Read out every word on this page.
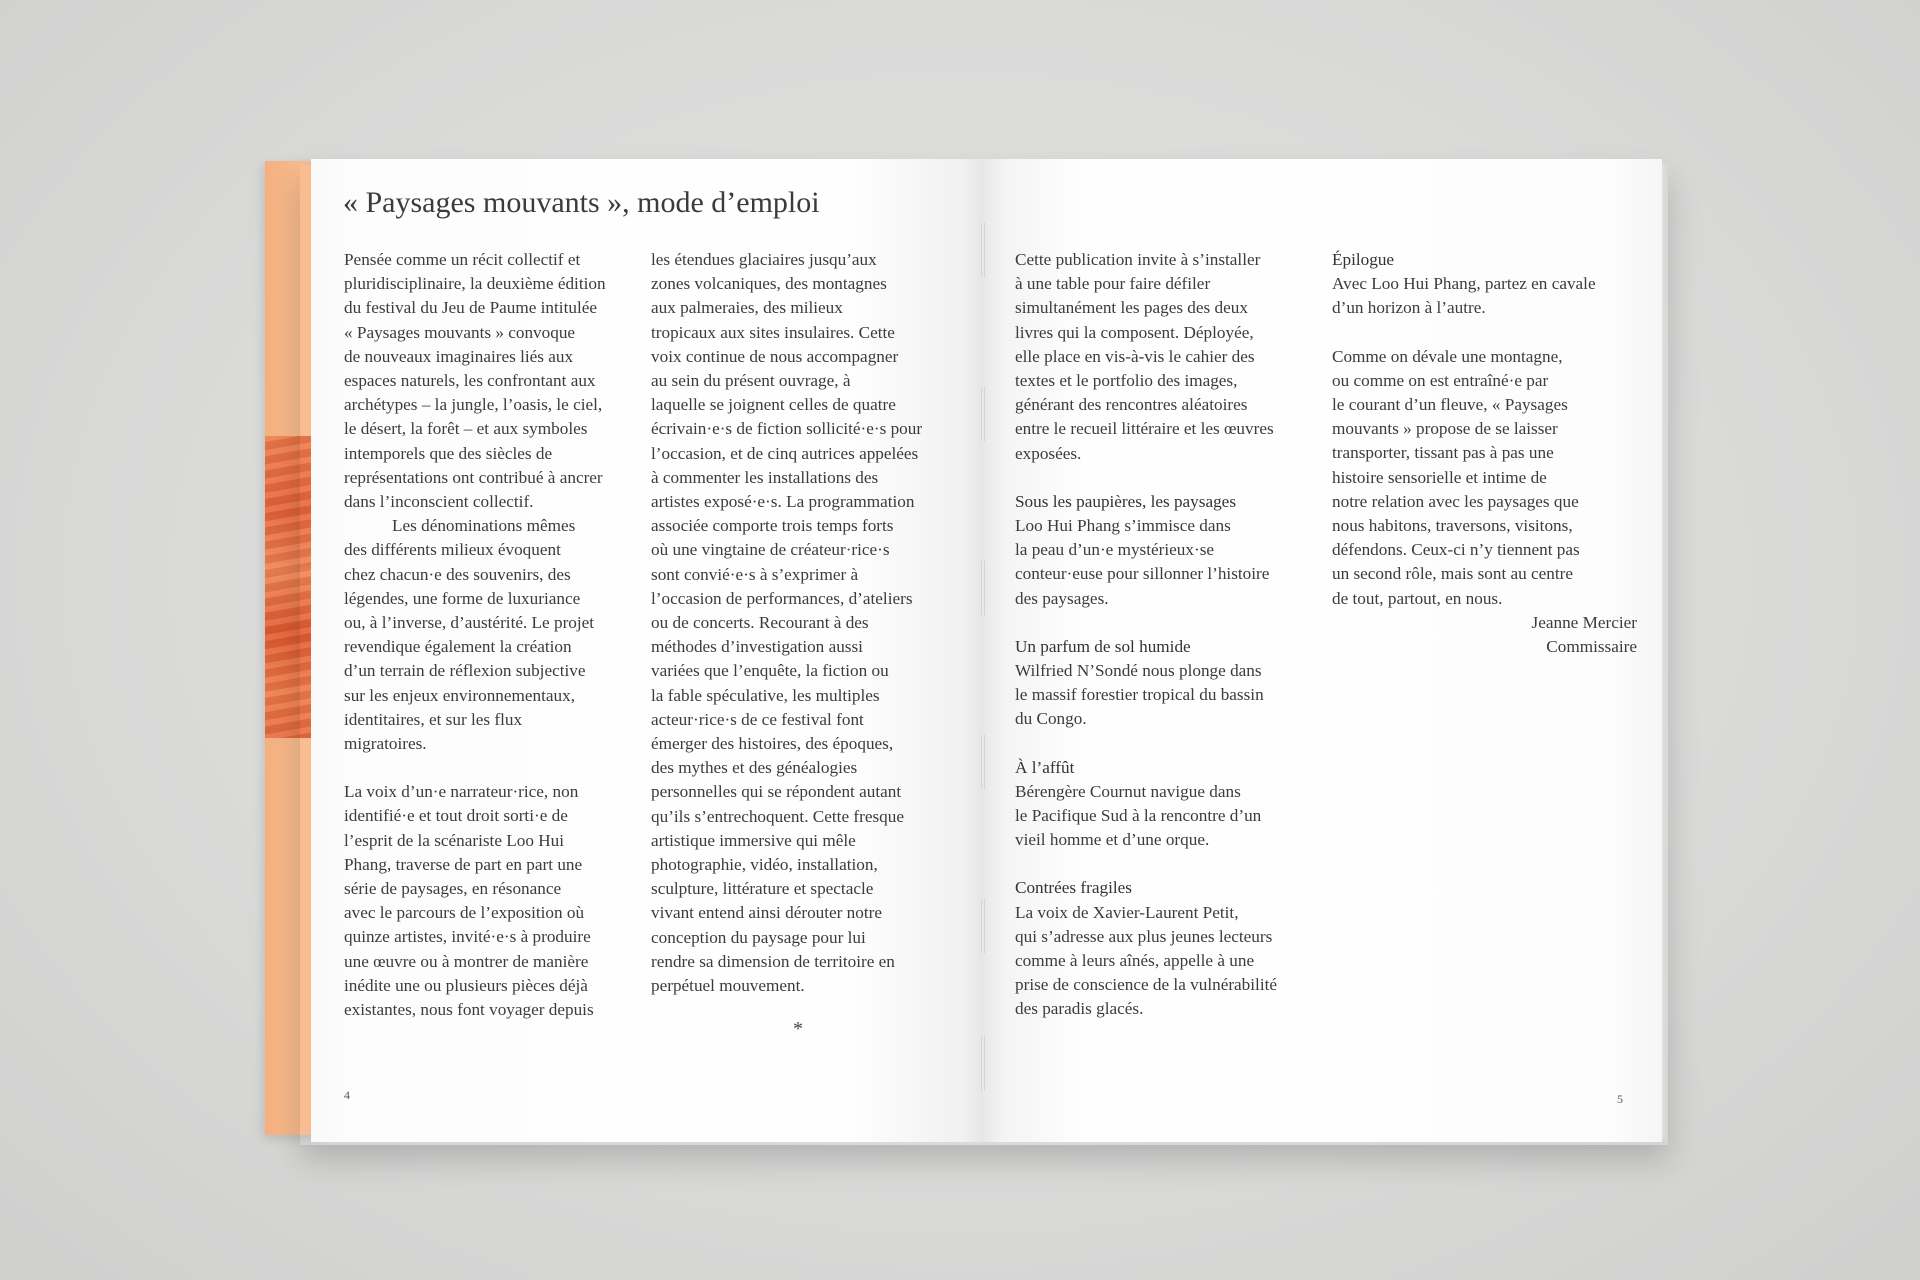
« Paysages mouvants », mode d’emploi

Pensée comme un récit collectif et
pluridisciplinaire, la deuxième édition
du festival du Jeu de Paume intitulée
« Paysages mouvants » convoque
de nouveaux imaginaires liés aux
espaces naturels, les confrontant aux
archétypes – la jungle, l’oasis, le ciel,
le désert, la forêt – et aux symboles
intemporels que des siècles de
représentations ont contribué à ancrer
dans l’inconscient collectif.

Les dénominations mêmes
des différents milieux évoquent
chez chacun·e des souvenirs, des
légendes, une forme de luxuriance
ou, à l’inverse, d’austérité. Le projet
revendique également la création
d’un terrain de réflexion subjective
sur les enjeux environnementaux,
identitaires, et sur les flux
migratoires.

La voix d’un·e narrateur·rice, non
identifié·e et tout droit sorti·e de
l’esprit de la scénariste Loo Hui
Phang, traverse de part en part une
série de paysages, en résonance
avec le parcours de l’exposition où
quinze artistes, invité·e·s à produire
une œuvre ou à montrer de manière
inédite une ou plusieurs pièces déjà
existantes, nous font voyager depuis

les étendues glaciaires jusqu’aux
zones volcaniques, des montagnes
aux palmeraies, des milieux
tropicaux aux sites insulaires. Cette
voix continue de nous accompagner
au sein du présent ouvrage, à
laquelle se joignent celles de quatre
écrivain·e·s de fiction sollicité·e·s pour
l’occasion, et de cinq autrices appelées
à commenter les installations des
artistes exposé·e·s. La programmation
associée comporte trois temps forts
où une vingtaine de créateur·rice·s
sont convié·e·s à s’exprimer à
l’occasion de performances, d’ateliers
ou de concerts. Recourant à des
méthodes d’investigation aussi
variées que l’enquête, la fiction ou
la fable spéculative, les multiples
acteur·rice·s de ce festival font
émerger des histoires, des époques,
des mythes et des généalogies
personnelles qui se répondent autant
qu’ils s’entrechoquent. Cette fresque
artistique immersive qui mêle
photographie, vidéo, installation,
sculpture, littérature et spectacle
vivant entend ainsi dérouter notre
conception du paysage pour lui
rendre sa dimension de territoire en
perpétuel mouvement.

*
4

Cette publication invite à s’installer
à une table pour faire défiler
simultanément les pages des deux
livres qui la composent. Déployée,
elle place en vis-à-vis le cahier des
textes et le portfolio des images,
générant des rencontres aléatoires
entre le recueil littéraire et les œuvres
exposées.

Sous les paupières, les paysages
Loo Hui Phang s’immisce dans
la peau d’un·e mystérieux·se
conteur·euse pour sillonner l’histoire
des paysages.

Un parfum de sol humide
Wilfried N’Sondé nous plonge dans
le massif forestier tropical du bassin
du Congo.

À l’affût
Bérengère Cournut navigue dans
le Pacifique Sud à la rencontre d’un
vieil homme et d’une orque.

Contrées fragiles
La voix de Xavier-Laurent Petit,
qui s’adresse aux plus jeunes lecteurs
comme à leurs aînés, appelle à une
prise de conscience de la vulnérabilité
des paradis glacés.

Épilogue
Avec Loo Hui Phang, partez en cavale
d’un horizon à l’autre.

Comme on dévale une montagne,
ou comme on est entraîné·e par
le courant d’un fleuve, « Paysages
mouvants » propose de se laisser
transporter, tissant pas à pas une
histoire sensorielle et intime de
notre relation avec les paysages que
nous habitons, traversons, visitons,
défendons. Ceux-ci n’y tiennent pas
un second rôle, mais sont au centre
de tout, partout, en nous.

Jeanne Mercier
Commissaire

5
